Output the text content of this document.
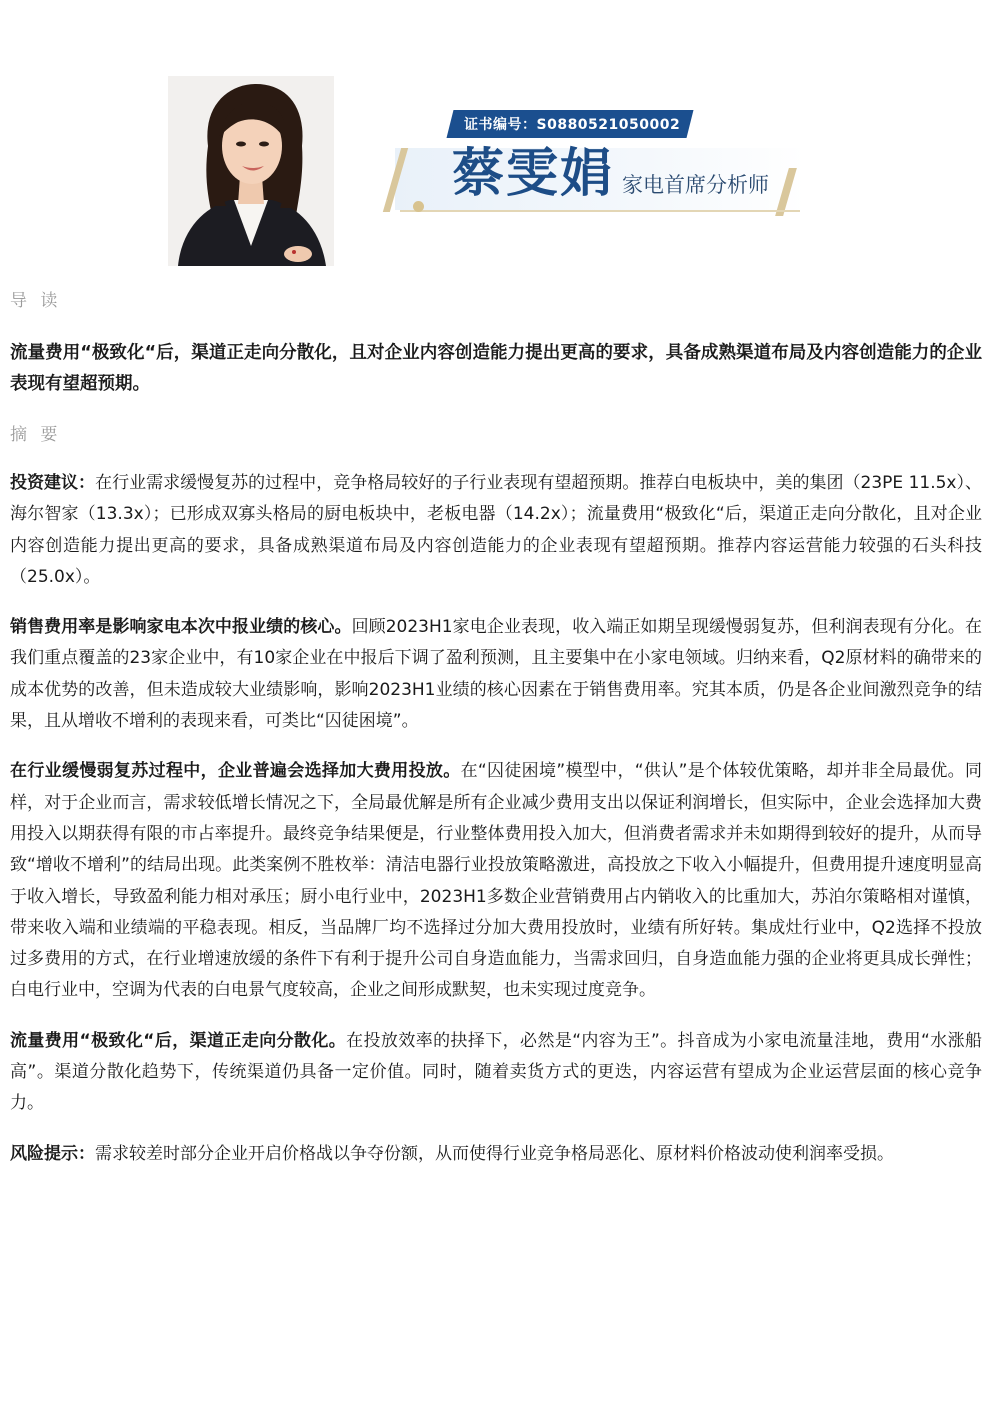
证书编号：S0880521050002
蔡雯娟 家电首席分析师

导 读

流量费用“极致化“后，渠道正走向分散化，且对企业内容创造能力提出更高的要求，具备成熟渠道布局及内容创造能力的企业表现有望超预期。

摘 要

投资建议：在行业需求缓慢复苏的过程中，竞争格局较好的子行业表现有望超预期。推荐白电板块中，美的集团（23PE 11.5x）、海尔智家（13.3x）；已形成双寡头格局的厨电板块中，老板电器（14.2x）；流量费用“极致化“后，渠道正走向分散化，且对企业内容创造能力提出更高的要求，具备成熟渠道布局及内容创造能力的企业表现有望超预期。推荐内容运营能力较强的石头科技（25.0x）。

销售费用率是影响家电本次中报业绩的核心。回顾2023H1家电企业表现，收入端正如期呈现缓慢弱复苏，但利润表现有分化。在我们重点覆盖的23家企业中，有10家企业在中报后下调了盈利预测，且主要集中在小家电领域。归纳来看，Q2原材料的确带来的成本优势的改善，但未造成较大业绩影响，影响2023H1业绩的核心因素在于销售费用率。究其本质，仍是各企业间激烈竞争的结果，且从增收不增利的表现来看，可类比“囚徒困境”。

在行业缓慢弱复苏过程中，企业普遍会选择加大费用投放。在“囚徒困境”模型中，“供认”是个体较优策略，却并非全局最优。同样，对于企业而言，需求较低增长情况之下，全局最优解是所有企业减少费用支出以保证利润增长，但实际中，企业会选择加大费用投入以期获得有限的市占率提升。最终竞争结果便是，行业整体费用投入加大，但消费者需求并未如期得到较好的提升，从而导致“增收不增利”的结局出现。此类案例不胜枚举：清洁电器行业投放策略激进，高投放之下收入小幅提升，但费用提升速度明显高于收入增长，导致盈利能力相对承压；厨小电行业中，2023H1多数企业营销费用占内销收入的比重加大，苏泊尔策略相对谨慎，带来收入端和业绩端的平稳表现。相反，当品牌厂均不选择过分加大费用投放时，业绩有所好转。集成灶行业中，Q2选择不投放过多费用的方式，在行业增速放缓的条件下有利于提升公司自身造血能力，当需求回归，自身造血能力强的企业将更具成长弹性；白电行业中，空调为代表的白电景气度较高，企业之间形成默契，也未实现过度竞争。

流量费用“极致化“后，渠道正走向分散化。在投放效率的抉择下，必然是“内容为王”。抖音成为小家电流量洼地，费用“水涨船高”。渠道分散化趋势下，传统渠道仍具备一定价值。同时，随着卖货方式的更迭，内容运营有望成为企业运营层面的核心竞争力。

风险提示：需求较差时部分企业开启价格战以争夺份额，从而使得行业竞争格局恶化、原材料价格波动使利润率受损。
